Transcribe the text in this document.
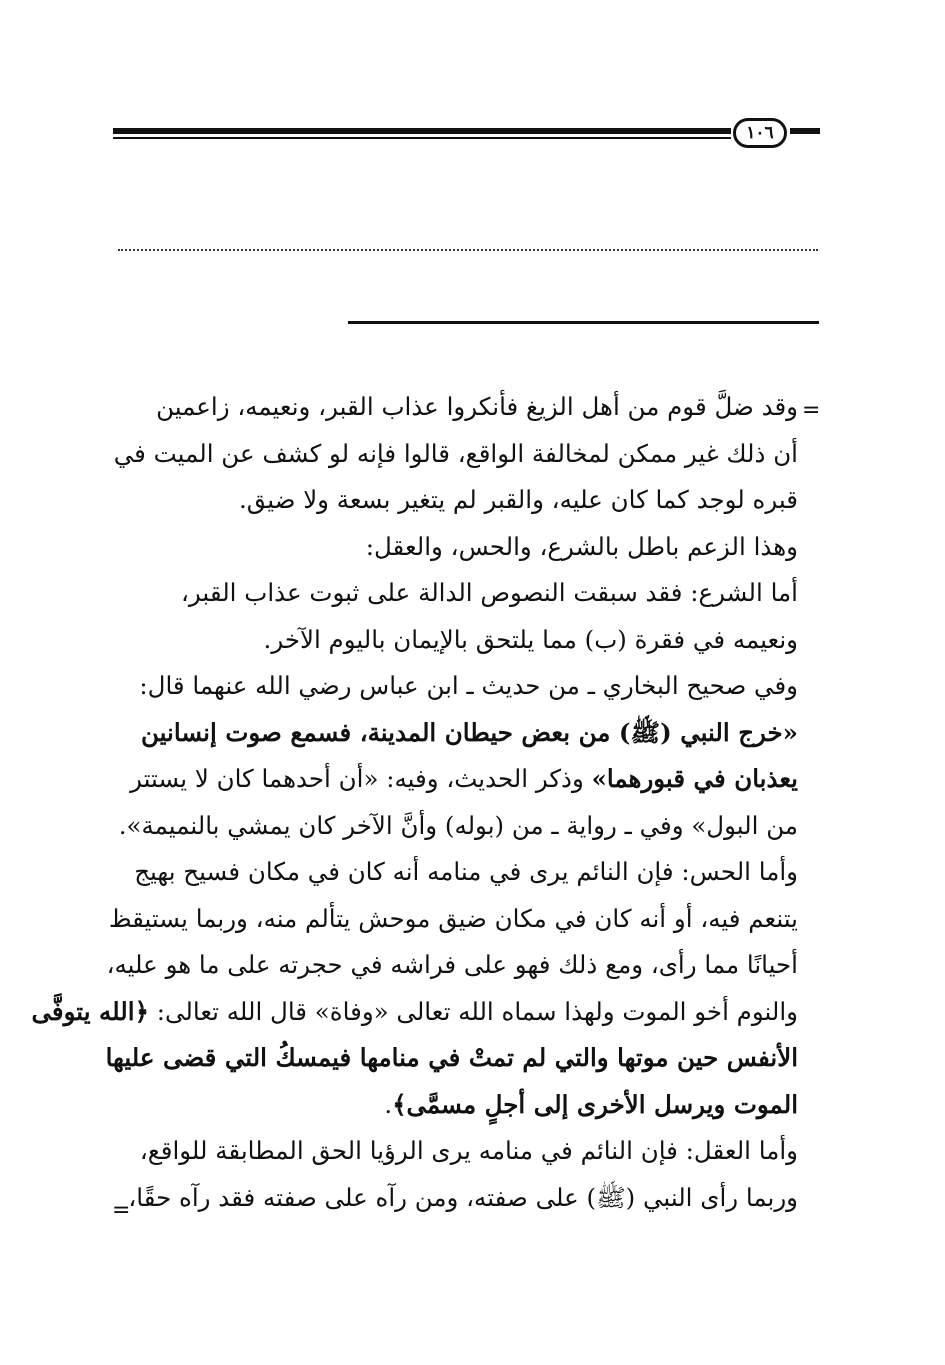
١٠٦
=
وقد ضلَّ قوم من أهل الزيغ فأنكروا عذاب القبر، ونعيمه، زاعمين
أن ذلك غير ممكن لمخالفة الواقع، قالوا فإنه لو كشف عن الميت في
قبره لوجد كما كان عليه، والقبر لم يتغير بسعة ولا ضيق.
وهذا الزعم باطل بالشرع، والحس، والعقل:
أما الشرع: فقد سبقت النصوص الدالة على ثبوت عذاب القبر،
ونعيمه في فقرة (ب) مما يلتحق بالإيمان باليوم الآخر.
وفي صحيح البخاري ـ من حديث ـ ابن عباس رضي الله عنهما قال:
«خرج النبي (ﷺ) من بعض حيطان المدينة، فسمع صوت إنسانين
يعذبان في قبورهما» وذكر الحديث، وفيه: «أن أحدهما كان لا يستتر
من البول» وفي ـ رواية ـ من (بوله) وأنَّ الآخر كان يمشي بالنميمة».
وأما الحس: فإن النائم يرى في منامه أنه كان في مكان فسيح بهيج
يتنعم فيه، أو أنه كان في مكان ضيق موحش يتألم منه، وربما يستيقظ
أحيانًا مما رأى، ومع ذلك فهو على فراشه في حجرته على ما هو عليه،
والنوم أخو الموت ولهذا سماه الله تعالى «وفاة» قال الله تعالى: ﴿الله يتوفَّى
الأنفس حين موتها والتي لم تمتْ في منامها فيمسكُ التي قضى عليها
الموت ويرسل الأخرى إلى أجلٍ مسمَّى﴾.
وأما العقل: فإن النائم في منامه يرى الرؤيا الحق المطابقة للواقع،
وربما رأى النبي (ﷺ) على صفته، ومن رآه على صفته فقد رآه حقًا،
=
